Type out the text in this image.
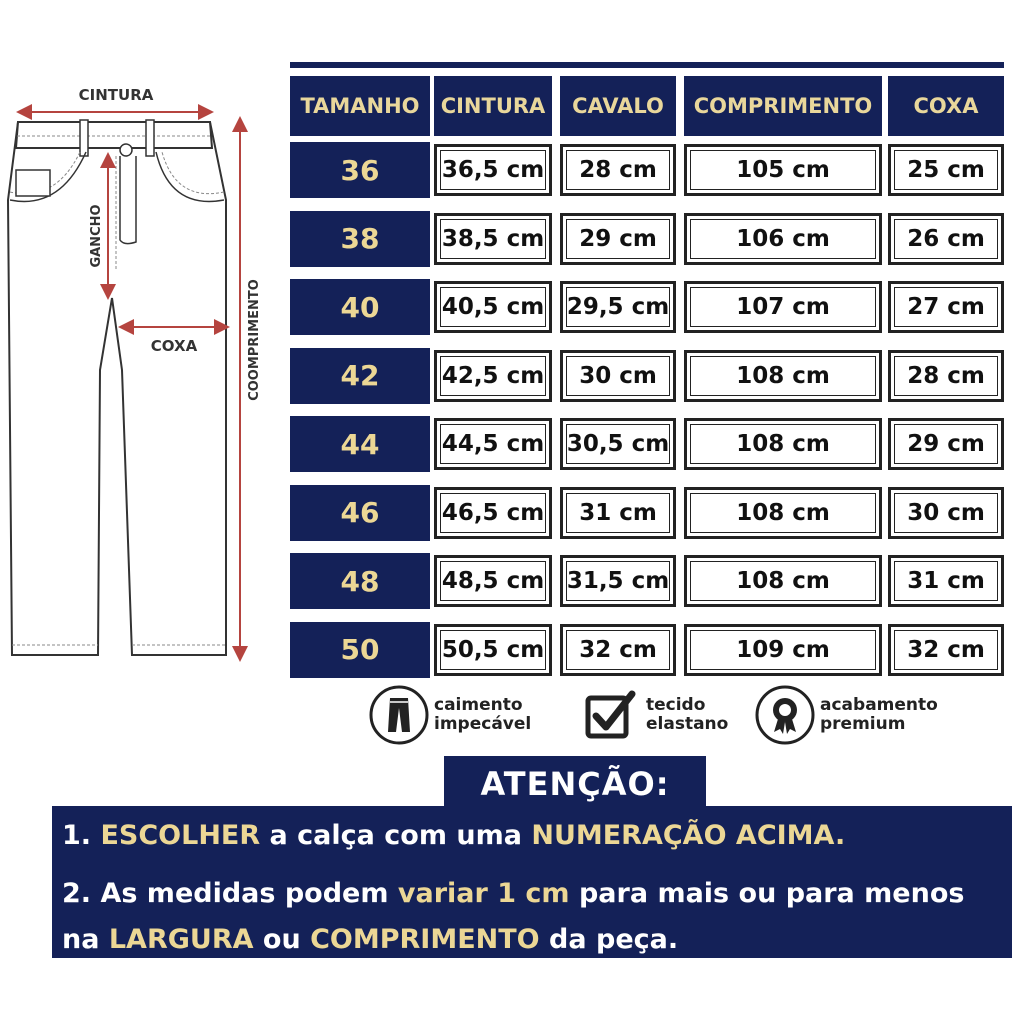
CINTURA
GANCHO
COXA	COOMPRIMENTO
TAMANHO	CINTURA	CAVALO	COMPRIMENTO	COXA
36	36,5 cm	28 cm	105 cm	25 cm
38	38,5 cm	29 cm	106 cm	26 cm
40	40,5 cm 29,5 cm	107 cm	27 cm
42	42,5 cm	30 cm	108 cm	28 cm
44	44,5 cm 30,5 cm	108 cm	29 cm
46	46,5 cm	31 cm	108 cm	30 cm
48	48,5 cm 31,5 cm	108 cm	31 cm
50	50,5 cm	32 cm	109 cm	32 cm
caimento
impecável
tecido
elastano
acabamento
premium
1. ESCOLHER a calça com uma NUMERAÇÃO ACIMA.
2. As medidas podem variar 1 cm para mais ou para menos
na LARGURA ou COMPRIMENTO da peça.
ATENÇÃO:
